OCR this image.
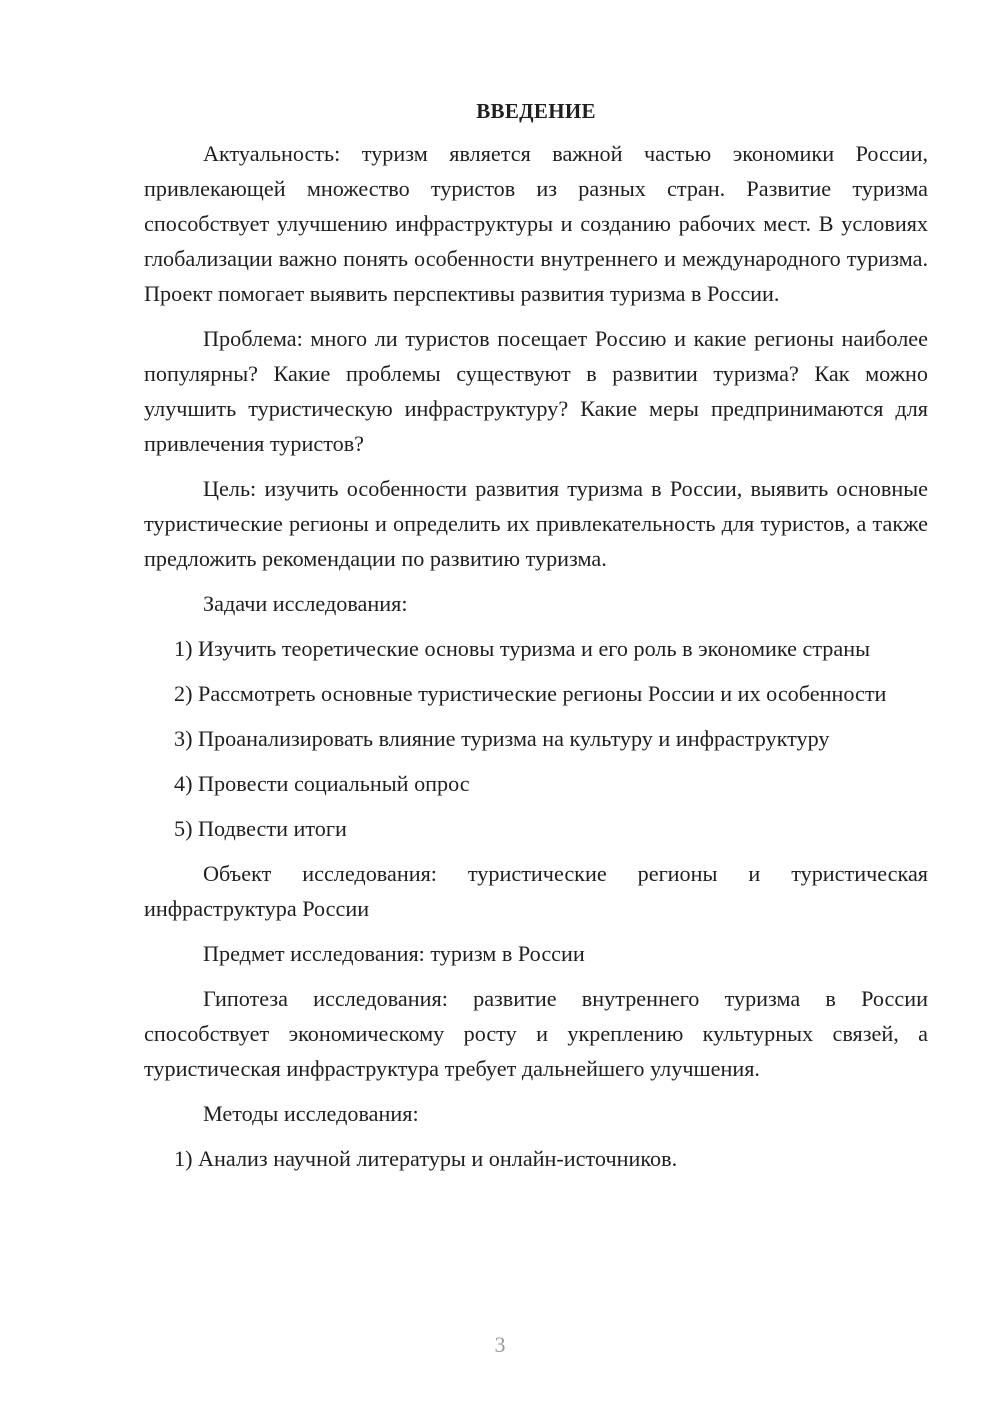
ВВЕДЕНИЕ

Актуальность: туризм является важной частью экономики России, привлекающей множество туристов из разных стран. Развитие туризма способствует улучшению инфраструктуры и созданию рабочих мест. В условиях глобализации важно понять особенности внутреннего и международного туризма. Проект помогает выявить перспективы развития туризма в России.

Проблема: много ли туристов посещает Россию и какие регионы наиболее популярны? Какие проблемы существуют в развитии туризма? Как можно улучшить туристическую инфраструктуру? Какие меры предпринимаются для привлечения туристов?

Цель: изучить особенности развития туризма в России, выявить основные туристические регионы и определить их привлекательность для туристов, а также предложить рекомендации по развитию туризма.

Задачи исследования:

1) Изучить теоретические основы туризма и его роль в экономике страны

2) Рассмотреть основные туристические регионы России и их особенности

3) Проанализировать влияние туризма на культуру и инфраструктуру

4) Провести социальный опрос

5) Подвести итоги

Объект исследования: туристические регионы и туристическая инфраструктура России

Предмет исследования: туризм в России

Гипотеза исследования: развитие внутреннего туризма в России способствует экономическому росту и укреплению культурных связей, а туристическая инфраструктура требует дальнейшего улучшения.

Методы исследования:

1) Анализ научной литературы и онлайн-источников.

3
